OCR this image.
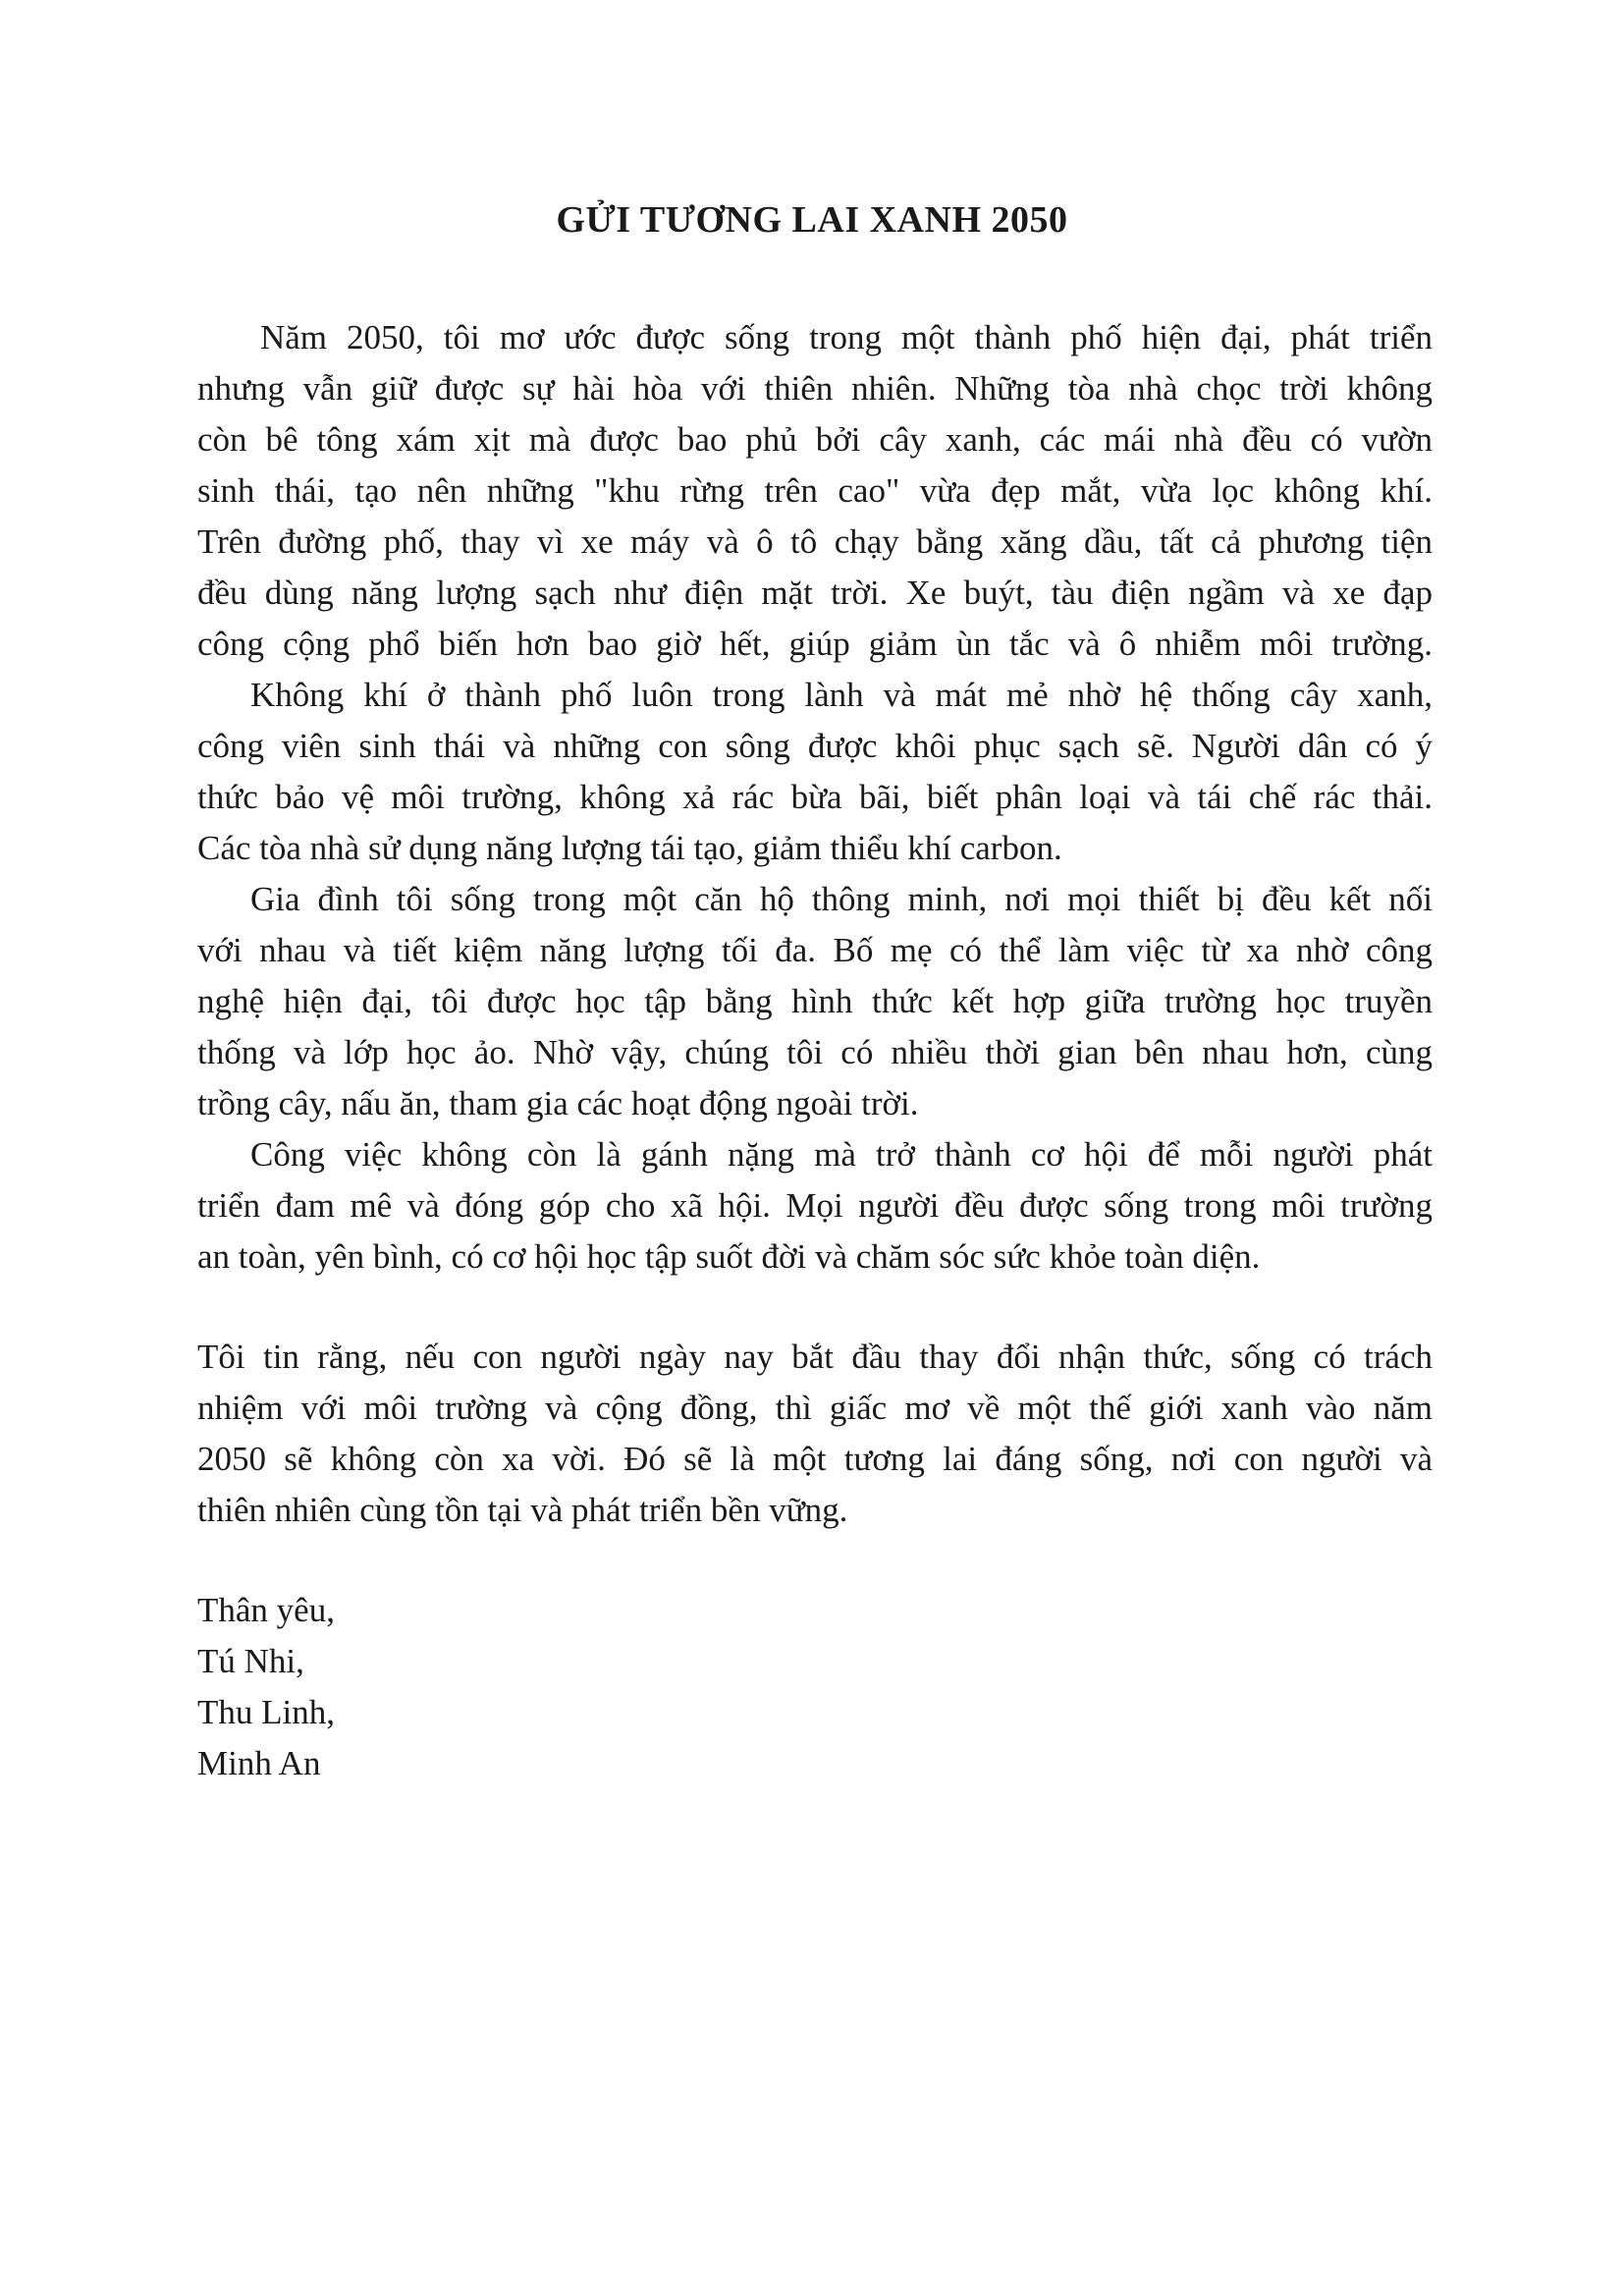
GỬI TƯƠNG LAI XANH 2050
Năm 2050, tôi mơ ước được sống trong một thành phố hiện đại, phát triển
nhưng vẫn giữ được sự hài hòa với thiên nhiên. Những tòa nhà chọc trời không
còn bê tông xám xịt mà được bao phủ bởi cây xanh, các mái nhà đều có vườn
sinh thái, tạo nên những "khu rừng trên cao" vừa đẹp mắt, vừa lọc không khí.
Trên đường phố, thay vì xe máy và ô tô chạy bằng xăng dầu, tất cả phương tiện
đều dùng năng lượng sạch như điện mặt trời. Xe buýt, tàu điện ngầm và xe đạp
công cộng phổ biến hơn bao giờ hết, giúp giảm ùn tắc và ô nhiễm môi trường.
Không khí ở thành phố luôn trong lành và mát mẻ nhờ hệ thống cây xanh,
công viên sinh thái và những con sông được khôi phục sạch sẽ. Người dân có ý
thức bảo vệ môi trường, không xả rác bừa bãi, biết phân loại và tái chế rác thải.
Các tòa nhà sử dụng năng lượng tái tạo, giảm thiểu khí carbon.
Gia đình tôi sống trong một căn hộ thông minh, nơi mọi thiết bị đều kết nối
với nhau và tiết kiệm năng lượng tối đa. Bố mẹ có thể làm việc từ xa nhờ công
nghệ hiện đại, tôi được học tập bằng hình thức kết hợp giữa trường học truyền
thống và lớp học ảo. Nhờ vậy, chúng tôi có nhiều thời gian bên nhau hơn, cùng
trồng cây, nấu ăn, tham gia các hoạt động ngoài trời.
Công việc không còn là gánh nặng mà trở thành cơ hội để mỗi người phát
triển đam mê và đóng góp cho xã hội. Mọi người đều được sống trong môi trường
an toàn, yên bình, có cơ hội học tập suốt đời và chăm sóc sức khỏe toàn diện.
Tôi tin rằng, nếu con người ngày nay bắt đầu thay đổi nhận thức, sống có trách
nhiệm với môi trường và cộng đồng, thì giấc mơ về một thế giới xanh vào năm
2050 sẽ không còn xa vời. Đó sẽ là một tương lai đáng sống, nơi con người và
thiên nhiên cùng tồn tại và phát triển bền vững.
Thân yêu,
Tú Nhi,
Thu Linh,
Minh An
